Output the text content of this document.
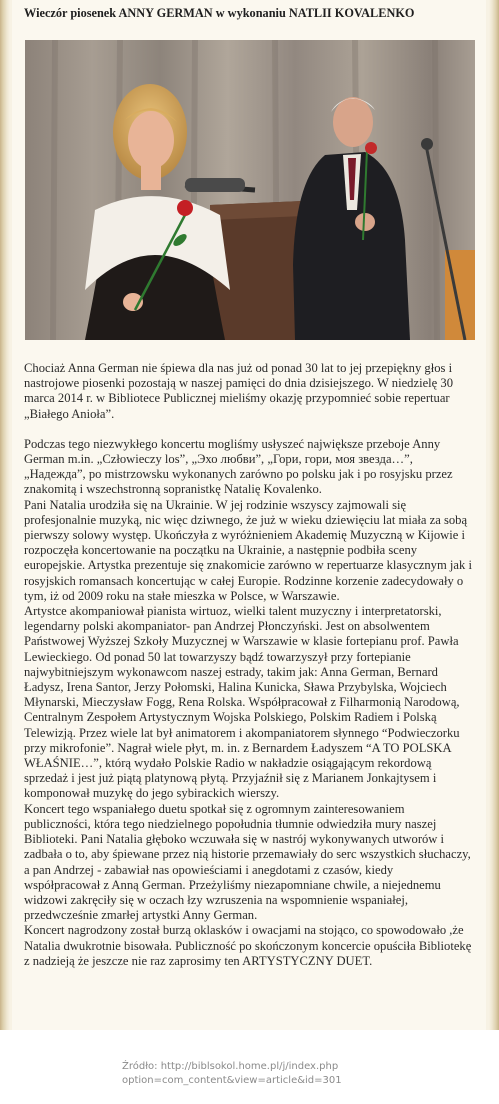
Wieczór piosenek ANNY GERMAN w wykonaniu NATLII KOVALENKO

Chociaż Anna German nie śpiewa dla nas już od ponad 30 lat to jej przepiękny głos i nastrojowe piosenki pozostają w naszej pamięci do dnia dzisiejszego. W niedzielę 30 marca 2014 r. w Bibliotece Publicznej mieliśmy okazję przypomnieć sobie repertuar „Białego Anioła”.

Podczas tego niezwykłego koncertu mogliśmy usłyszeć największe przeboje Anny German m.in. „Człowieczy los”, „Эхо любви”, „Гори, гори, моя звезда…”, „Надежда”, po mistrzowsku wykonanych zarówno po polsku jak i po rosyjsku przez znakomitą i wszechstronną sopranistkę Natalię Kovalenko.

Pani Natalia urodziła się na Ukrainie. W jej rodzinie wszyscy zajmowali się profesjonalnie muzyką, nic więc dziwnego, że już w wieku dziewięciu lat miała za sobą pierwszy solowy występ. Ukończyła z wyróżnieniem Akademię Muzyczną w Kijowie i rozpoczęła koncertowanie na początku na Ukrainie, a następnie podbiła sceny europejskie. Artystka prezentuje się znakomicie zarówno w repertuarze klasycznym jak i rosyjskich romansach koncertując w całej Europie. Rodzinne korzenie zadecydowały o tym, iż od 2009 roku na stałe mieszka w Polsce, w Warszawie.

Artystce akompaniował pianista wirtuoz, wielki talent muzyczny i interpretatorski, legendarny polski akompaniator- pan Andrzej Płonczyński. Jest on absolwentem Państwowej Wyższej Szkoły Muzycznej w Warszawie w klasie fortepianu prof. Pawła Lewieckiego. Od ponad 50 lat towarzyszy bądź towarzyszył przy fortepianie najwybitniejszym wykonawcom naszej estrady, takim jak: Anna German, Bernard Ładysz, Irena Santor, Jerzy Połomski, Halina Kunicka, Sława Przybylska, Wojciech Młynarski, Mieczysław Fogg, Rena Rolska. Współpracował z Filharmonią Narodową, Centralnym Zespołem Artystycznym Wojska Polskiego, Polskim Radiem i Polską Telewizją. Przez wiele lat był animatorem i akompaniatorem słynnego “Podwieczorku przy mikrofonie”. Nagrał wiele płyt, m. in. z Bernardem Ładyszem “A TO POLSKA WŁAŚNIE…”, którą wydało Polskie Radio w nakładzie osiągającym rekordową sprzedaż i jest już piątą platynową płytą. Przyjaźnił się z Marianem Jonkajtysem i komponował muzykę do jego sybirackich wierszy.

Koncert tego wspaniałego duetu spotkał się z ogromnym zainteresowaniem publiczności, która tego niedzielnego popołudnia tłumnie odwiedziła mury naszej Biblioteki. Pani Natalia głęboko wczuwała się w nastrój wykonywanych utworów i zadbała o to, aby śpiewane przez nią historie przemawiały do serc wszystkich słuchaczy, a pan Andrzej - zabawiał nas opowieściami i anegdotami z czasów, kiedy współpracował z Anną German. Przeżyliśmy niezapomniane chwile, a niejednemu widzowi zakręciły się w oczach łzy wzruszenia na wspomnienie wspaniałej, przedwcześnie zmarłej artystki Anny German.

Koncert nagrodzony został burzą oklasków i owacjami na stojąco, co spowodowało ,że Natalia dwukrotnie bisowała. Publiczność po skończonym koncercie opuściła Bibliotekę z nadzieją że jeszcze nie raz zaprosimy ten ARTYSTYCZNY DUET.

Źródło: http://biblsokol.home.pl/j/index.php
option=com_content&view=article&id=301
